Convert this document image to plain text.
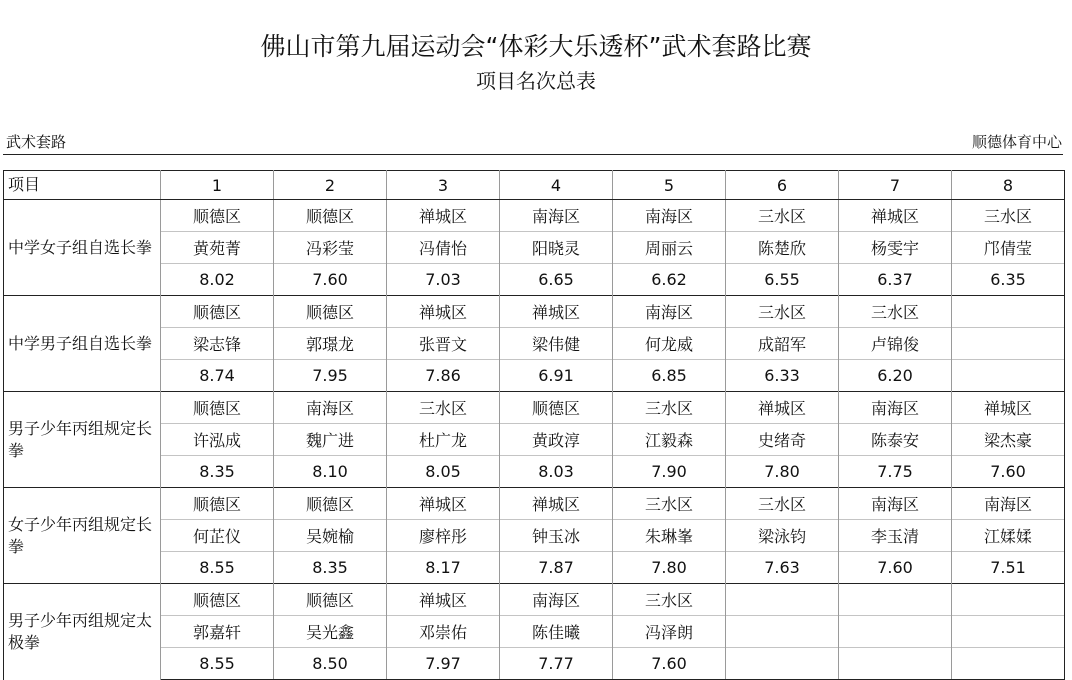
佛山市第九届运动会“体彩大乐透杯”武术套路比赛
项目名次总表
武术套路	顺德体育中心
项目	1	2	3	4	5	6	7	8
中学女子组自选长拳	顺德区	顺德区	禅城区	南海区	南海区	三水区	禅城区	三水区
	黄苑菁	冯彩莹	冯倩怡	阳晓灵	周丽云	陈楚欣	杨雯宇	邝倩莹
	8.02	7.60	7.03	6.65	6.62	6.55	6.37	6.35
中学男子组自选长拳	顺德区	顺德区	禅城区	禅城区	南海区	三水区	三水区	
	梁志锋	郭璟龙	张晋文	梁伟健	何龙威	成韶军	卢锦俊	
	8.74	7.95	7.86	6.91	6.85	6.33	6.20	
男子少年丙组规定长拳	顺德区	南海区	三水区	顺德区	三水区	禅城区	南海区	禅城区
	许泓成	魏广进	杜广龙	黄政淳	江毅森	史绪奇	陈泰安	梁杰豪
	8.35	8.10	8.05	8.03	7.90	7.80	7.75	7.60
女子少年丙组规定长拳	顺德区	顺德区	禅城区	禅城区	三水区	三水区	南海区	南海区
	何芷仪	吴婉榆	廖梓彤	钟玉冰	朱琳峯	梁泳钧	李玉清	江媃媃
	8.55	8.35	8.17	7.87	7.80	7.63	7.60	7.51
男子少年丙组规定太极拳	顺德区	顺德区	禅城区	南海区	三水区			
	郭嘉轩	吴光鑫	邓崇佑	陈佳曦	冯泽朗			
	8.55	8.50	7.97	7.77	7.60			
